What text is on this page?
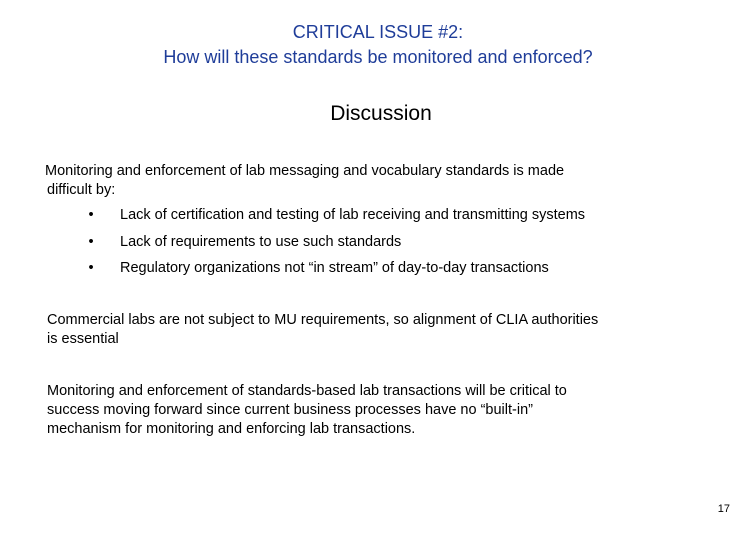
CRITICAL ISSUE #2:
How will these standards be monitored and enforced?
Discussion
Monitoring and enforcement of lab messaging and vocabulary standards is made
difficult by:
• Lack of certification and testing of lab receiving and transmitting systems
• Lack of requirements to use such standards
• Regulatory organizations not “in stream” of day-to-day transactions
Commercial labs are not subject to MU requirements, so alignment of CLIA authorities
is essential
Monitoring and enforcement of standards-based lab transactions will be critical to
success moving forward since current business processes have no “built-in”
mechanism for monitoring and enforcing lab transactions.
17
